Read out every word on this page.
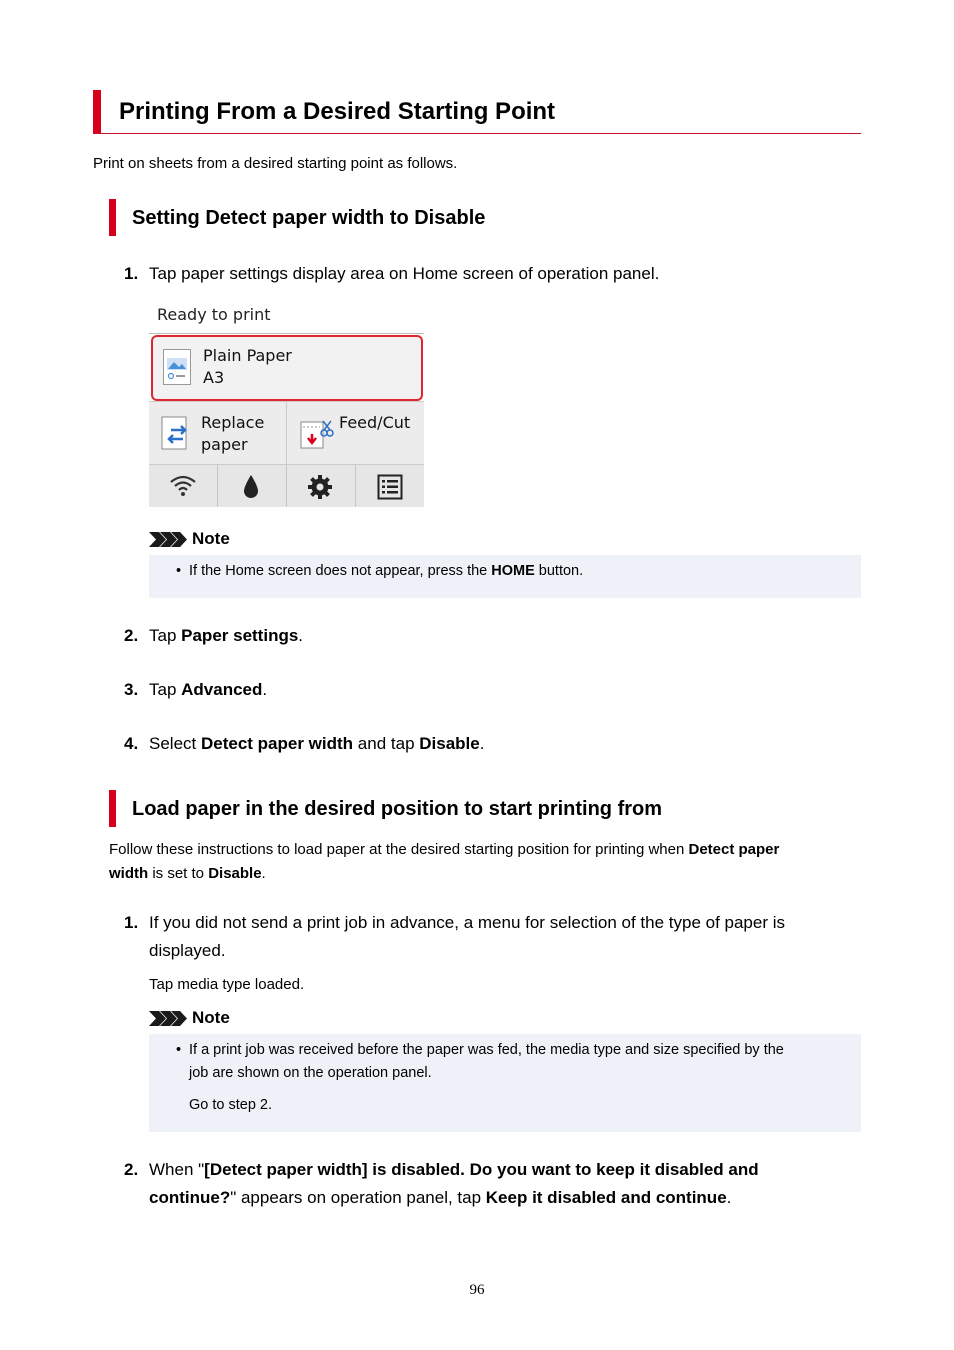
Printing From a Desired Starting Point
Print on sheets from a desired starting point as follows.
Setting Detect paper width to Disable
1. Tap paper settings display area on Home screen of operation panel.
Ready to print
Plain Paper
A3
Replace
paper
Feed/Cut
Note
• If the Home screen does not appear, press the HOME button.
2. Tap Paper settings.
3. Tap Advanced.
4. Select Detect paper width and tap Disable.
Load paper in the desired position to start printing from
Follow these instructions to load paper at the desired starting position for printing when Detect paper
width is set to Disable.
1. If you did not send a print job in advance, a menu for selection of the type of paper is
displayed.
Tap media type loaded.
Note
• If a print job was received before the paper was fed, the media type and size specified by the
job are shown on the operation panel.
Go to step 2.
2. When "[Detect paper width] is disabled. Do you want to keep it disabled and
continue?" appears on operation panel, tap Keep it disabled and continue.
96
